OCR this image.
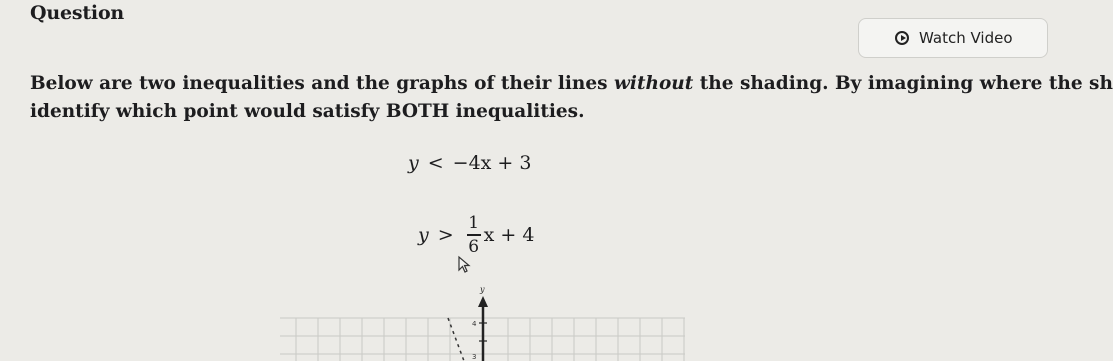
Question
Watch Video
Below are two inequalities and the graphs of their lines without the shading. By imagining where the sh
identify which point would satisfy BOTH inequalities.
y < −4x + 3
$y > \frac{1}{6}$ x + 4
y
4
3
